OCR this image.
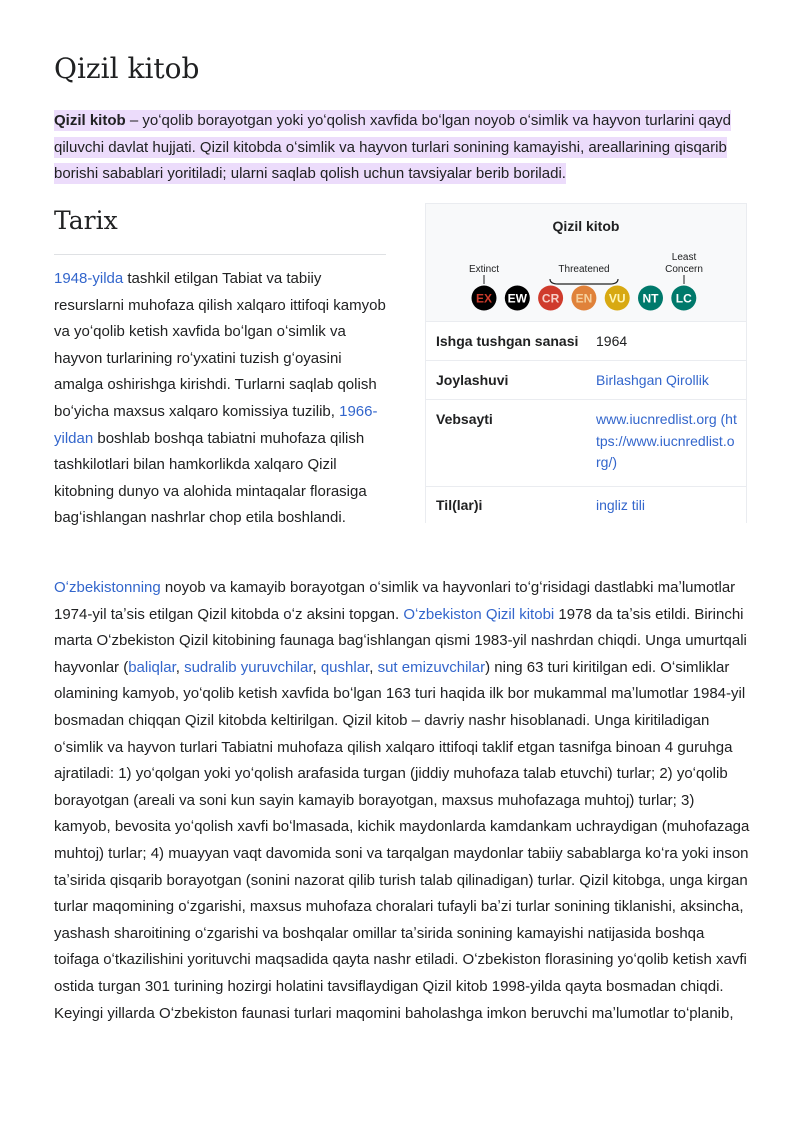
Qizil kitob

Qizil kitob – yoʻqolib borayotgan yoki yoʻqolish xavfida boʻlgan noyob oʻsimlik va hayvon turlarini qayd qiluvchi davlat hujjati. Qizil kitobda oʻsimlik va hayvon turlari sonining kamayishi, areallarining qisqarib borishi sabablari yoritiladi; ularni saqlab qolish uchun tavsiyalar berib boriladi.

Tarix

1948-yilda tashkil etilgan Tabiat va tabiiy resurslarni muhofaza qilish xalqaro ittifoqi kamyob va yoʻqolib ketish xavfida boʻlgan oʻsimlik va hayvon turlarining roʻyxatini tuzish gʻoyasini amalga oshirishga kirishdi. Turlarni saqlab qolish boʻyicha maxsus xalqaro komissiya tuzilib, 1966-yildan boshlab boshqa tabiatni muhofaza qilish tashkilotlari bilan hamkorlikda xalqaro Qizil kitobning dunyo va alohida mintaqalar florasiga bagʻishlangan nashrlar chop etila boshlandi.

Oʻzbekistonning noyob va kamayib borayotgan oʻsimlik va hayvonlari toʻgʻrisidagi dastlabki maʼlumotlar 1974-yil taʼsis etilgan Qizil kitobda oʻz aksini topgan. Oʻzbekiston Qizil kitobi 1978 da taʼsis etildi. Birinchi marta Oʻzbekiston Qizil kitobining faunaga bagʻishlangan qismi 1983-yil nashrdan chiqdi. Unga umurtqali hayvonlar (baliqlar, sudralib yuruvchilar, qushlar, sut emizuvchilar) ning 63 turi kiritilgan edi. Oʻsimliklar olamining kamyob, yoʻqolib ketish xavfida boʻlgan 163 turi haqida ilk bor mukammal maʼlumotlar 1984-yil bosmadan chiqqan Qizil kitobda keltirilgan. Qizil kitob – davriy nashr hisoblanadi. Unga kiritiladigan oʻsimlik va hayvon turlari Tabiatni muhofaza qilish xalqaro ittifoqi taklif etgan tasnifga binoan 4 guruhga ajratiladi: 1) yoʻqolgan yoki yoʻqolish arafasida turgan (jiddiy muhofaza talab etuvchi) turlar; 2) yoʻqolib borayotgan (areali va soni kun sayin kamayib borayotgan, maxsus muhofazaga muhtoj) turlar; 3) kamyob, bevosita yoʻqolish xavfi boʻlmasada, kichik maydonlarda kamdankam uchraydigan (muhofazaga muhtoj) turlar; 4) muayyan vaqt davomida soni va tarqalgan maydonlar tabiiy sabablarga koʻra yoki inson taʼsirida qisqarib borayotgan (sonini nazorat qilib turish talab qilinadigan) turlar. Qizil kitobga, unga kirgan turlar maqomining oʻzgarishi, maxsus muhofaza choralari tufayli baʼzi turlar sonining tiklanishi, aksincha, yashash sharoitining oʻzgarishi va boshqalar omillar taʼsirida sonining kamayishi natijasida boshqa toifaga oʻtkazilishini yorituvchi maqsadida qayta nashr etiladi. Oʻzbekiston florasining yoʻqolib ketish xavfi ostida turgan 301 turining hozirgi holatini tavsiflaydigan Qizil kitob 1998-yilda qayta bosmadan chiqdi. Keyingi yillarda Oʻzbekiston faunasi turlari maqomini baholashga imkon beruvchi maʼlumotlar toʻplanib,

Qizil kitob
Extinct	Threatened
Least
Concern
EX EW CR EN VU NT LC
Ishga tushgan sanasi 1964
Joylashuvi	Birlashgan Qirollik
Vebsayti	www.iucnredlist.org (https://www.iucnredlist.org/)
Til(lar)i	ingliz tili
